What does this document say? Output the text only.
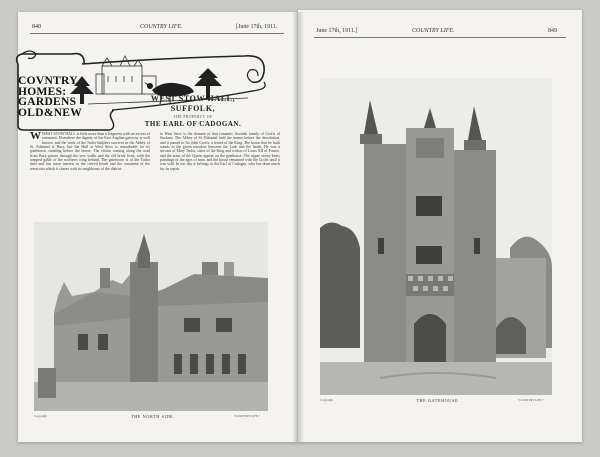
840	COUNTRY LIFE.	[June 17th, 1911.
COVNTRY
HOMES:
GARDENS
OLD&NEW
WEST STOW HALL,
SUFFOLK,
THE PROPERTY OF
THE EARL OF CADOGAN.
WWEST STOW HALL is little more than a fragment with an excess of ornament. Elsewhere the dignity of the East Anglian gateway is well known, and the work of the Tudor builders survives in the Abbey of St. Edmund at Bury, but the Hall at West Stow is remarkable for its gatehouse, standing before the house. The visitor coming along the road from Bury passes through the yew walks and the old brick front, with the stepped gable of the northern wing behind. The gatehouse is of the Tudor time and has some interest in the carved heads and the ornament of the terracotta which it shares with its neighbours of the district.
to West Stow is the domain of that romantic Scottish family of Crofts of Saxham. The Abbey of St. Edmund held the manor before the dissolution, and it passed to Sir John Crofts, a friend of the King. The house that he built stands in the green meadow between the Lark and the heath. He was a servant of Mary Tudor, sister of the King and widow of Louis XII of France, and the arms of the Queen appear on the gatehouse. The upper storey bears paintings of the ages of man, and the house remained with the Crofts until it was sold. In our day it belongs to the Earl of Cadogan, who has done much for its repair.
THE NORTH SIDE.
Copyright	"COUNTRY LIFE."
June 17th, 1911.]	COUNTRY LIFE.	849
THE GATEHOUSE.
Copyright	"COUNTRY LIFE."
